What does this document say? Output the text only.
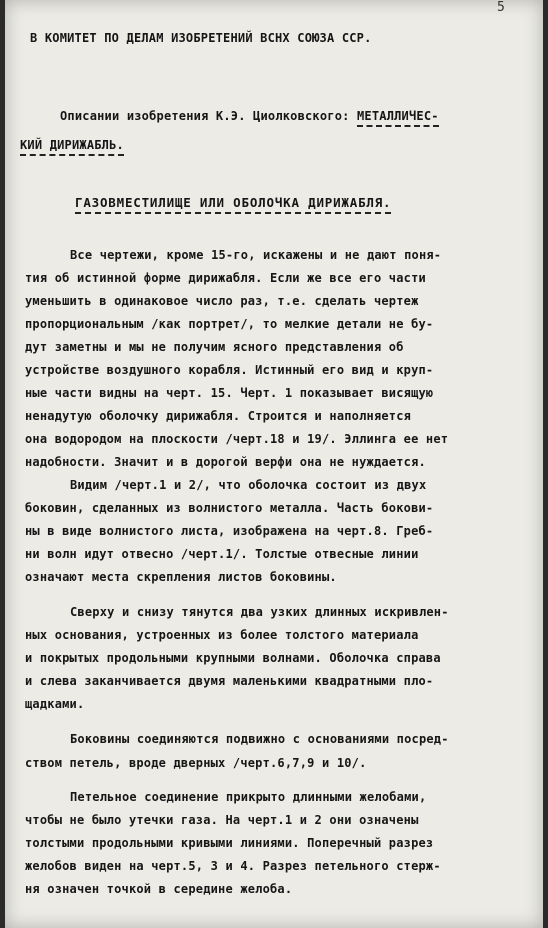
5

В КОМИТЕТ ПО ДЕЛАМ ИЗОБРЕТЕНИЙ ВСНХ СОЮЗА ССР.

Описании изобретения К.Э. Циолковского: МЕТАЛЛИЧЕС-

КИЙ ДИРИЖАБЛЬ.

ГАЗОВМЕСТИЛИЩЕ ИЛИ ОБОЛОЧКА ДИРИЖАБЛЯ.

Все чертежи, кроме 15-го, искажены и не дают поня-

тия об истинной форме дирижабля. Если же все его части

уменьшить в одинаковое число раз, т.е. сделать чертеж

пропорциональным /как портрет/, то мелкие детали не бу-

дут заметны и мы не получим ясного представления об

устройстве воздушного корабля. Истинный его вид и круп-

ные части видны на черт. 15. Черт. 1 показывает висящую

ненадутую оболочку дирижабля. Строится и наполняется

она водородом на плоскости /черт.18 и 19/. Эллинга ее нет

надобности. Значит и в дорогой верфи она не нуждается.

Видим /черт.1 и 2/, что оболочка состоит из двух

боковин, сделанных из волнистого металла. Часть бокови-

ны в виде волнистого листа, изображена на черт.8. Греб-

ни волн идут отвесно /черт.1/. Толстые отвесные линии

означают места скрепления листов боковины.

Сверху и снизу тянутся два узких длинных искривлен-

ных основания, устроенных из более толстого материала

и покрытых продольными крупными волнами. Оболочка справа

и слева заканчивается двумя маленькими квадратными пло-

щадками.

Боковины соединяются подвижно с основаниями посред-

ством петель, вроде дверных /черт.6,7,9 и 10/.

Петельное соединение прикрыто длинными желобами,

чтобы не было утечки газа. На черт.1 и 2 они означены

толстыми продольными кривыми линиями. Поперечный разрез

желобов виден на черт.5, 3 и 4. Разрез петельного стерж-

ня означен точкой в середине желоба.
